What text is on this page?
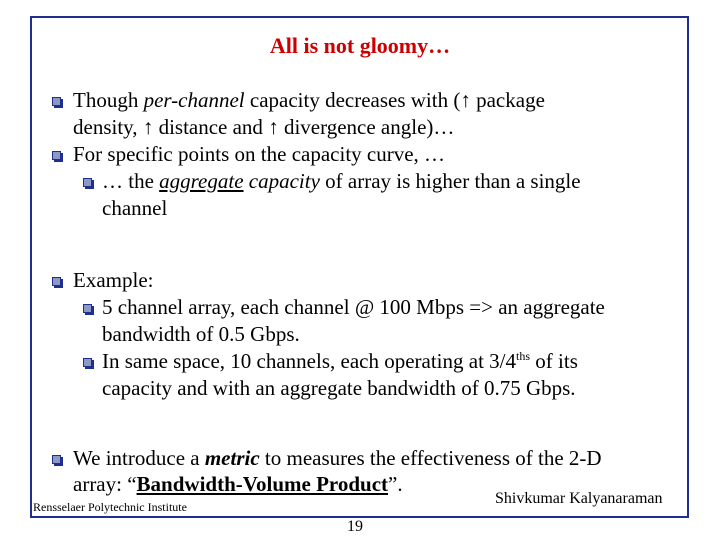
All is not gloomy…
Though per-channel capacity decreases with (↑ package
density, ↑ distance and ↑ divergence angle)…
For specific points on the capacity curve, …
… the aggregate capacity of array is higher than a single
channel
Example:
5 channel array, each channel @ 100 Mbps => an aggregate
bandwidth of 0.5 Gbps.
In same space, 10 channels, each operating at $3/4^{ths}$ of its
capacity and with an aggregate bandwidth of 0.75 Gbps.
We introduce a metric to measures the effectiveness of the 2-D
array: “Bandwidth-Volume Product”.
Rensselaer Polytechnic Institute	Shivkumar Kalyanaraman
19
